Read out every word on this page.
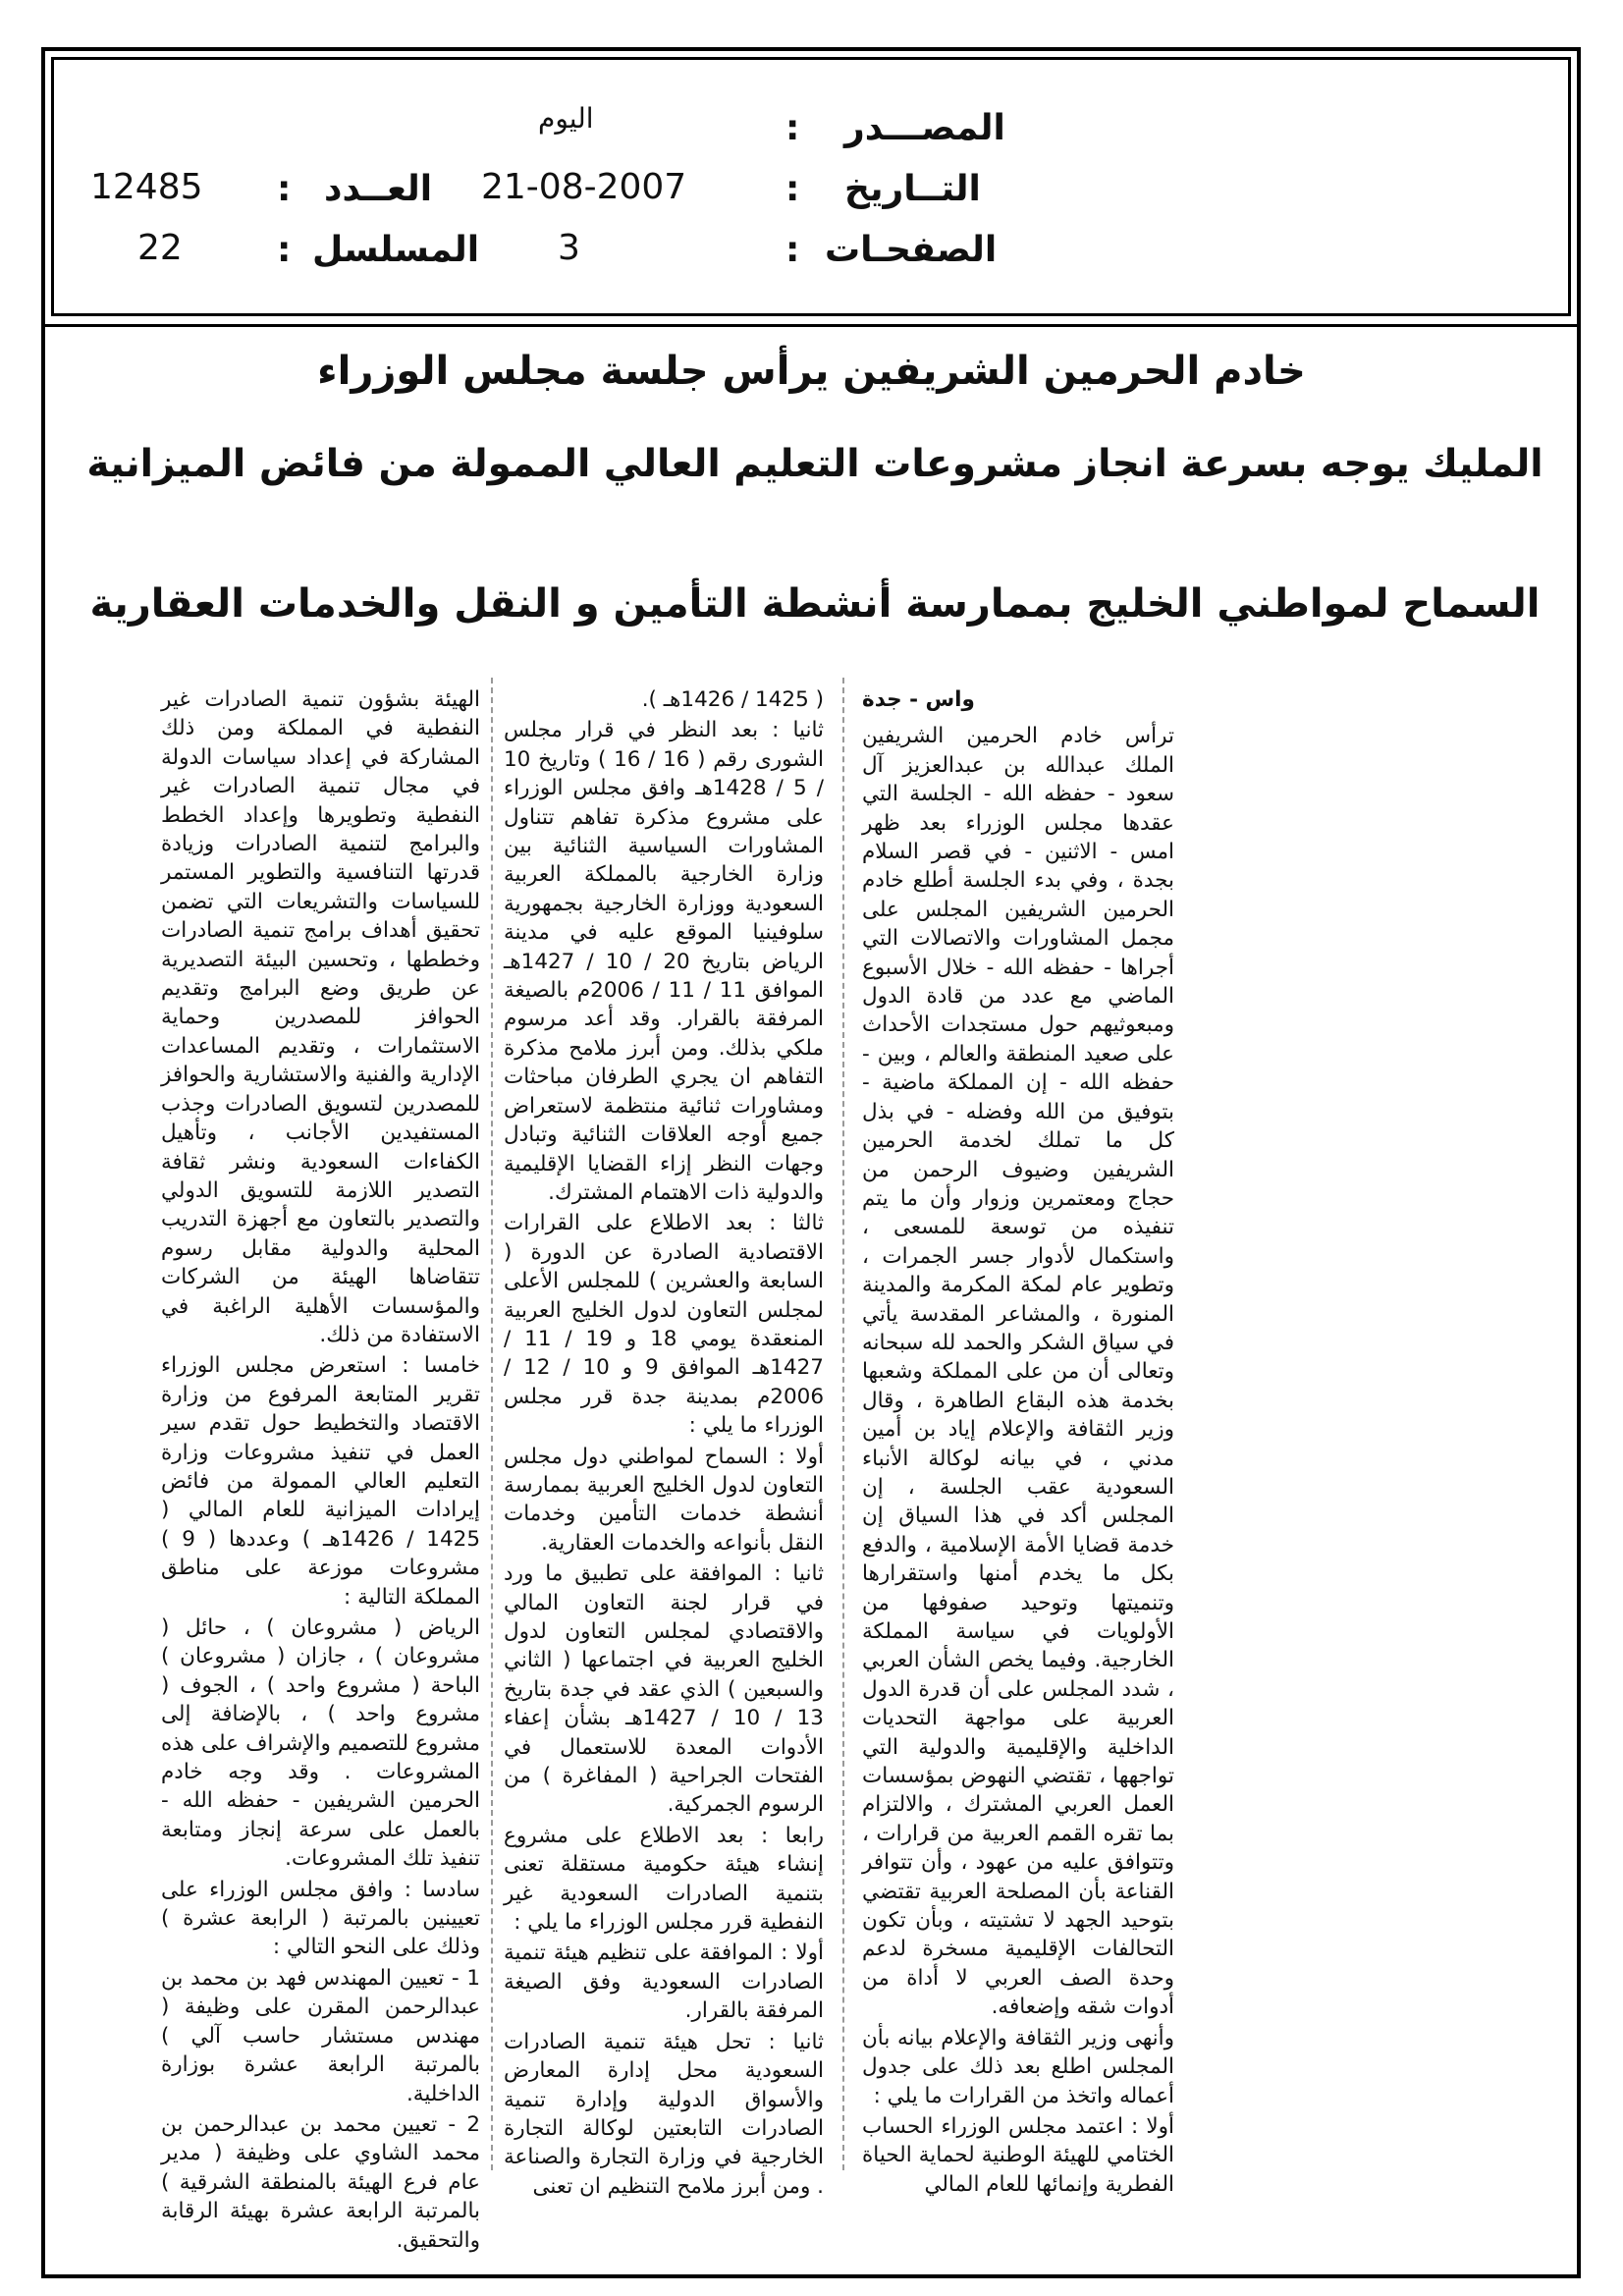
المصـــدر
:
اليوم
التــاريخ
:
21-08-2007
العــدد
:
12485
الصفحـات
:
3
المسلسل
:
22
خادم الحرمين الشريفين يرأس جلسة مجلس الوزراء
المليك يوجه بسرعة انجاز مشروعات التعليم العالي الممولة من فائض الميزانية
السماح لمواطني الخليج بممارسة أنشطة التأمين و النقل والخدمات العقارية

واس - جدة

ترأس خادم الحرمين الشريفين الملك عبدالله بن عبدالعزيز آل سعود - حفظه الله - الجلسة التي عقدها مجلس الوزراء بعد ظهر امس - الاثنين - في قصر السلام بجدة ، وفي بدء الجلسة أطلع خادم الحرمين الشريفين المجلس على مجمل المشاورات والاتصالات التي أجراها - حفظه الله - خلال الأسبوع الماضي مع عدد من قادة الدول ومبعوثيهم حول مستجدات الأحداث على صعيد المنطقة والعالم ، وبين - حفظه الله - إن المملكة ماضية - بتوفيق من الله وفضله - في بذل كل ما تملك لخدمة الحرمين الشريفين وضيوف الرحمن من حجاج ومعتمرين وزوار وأن ما يتم تنفيذه من توسعة للمسعى ، واستكمال لأدوار جسر الجمرات ، وتطوير عام لمكة المكرمة والمدينة المنورة ، والمشاعر المقدسة يأتي في سياق الشكر والحمد لله سبحانه وتعالى أن من على المملكة وشعبها بخدمة هذه البقاع الطاهرة ، وقال وزير الثقافة والإعلام إياد بن أمين مدني ، في بيانه لوكالة الأنباء السعودية عقب الجلسة ، إن المجلس أكد في هذا السياق إن خدمة قضايا الأمة الإسلامية ، والدفع بكل ما يخدم أمنها واستقرارها وتنميتها وتوحيد صفوفها من الأولويات في سياسة المملكة الخارجية. وفيما يخص الشأن العربي ، شدد المجلس على أن قدرة الدول العربية على مواجهة التحديات الداخلية والإقليمية والدولية التي تواجهها ، تقتضي النهوض بمؤسسات العمل العربي المشترك ، والالتزام بما تقره القمم العربية من قرارات ، وتتوافق عليه من عهود ، وأن تتوافر القناعة بأن المصلحة العربية تقتضي بتوحيد الجهد لا تشتيته ، وبأن تكون التحالفات الإقليمية مسخرة لدعم وحدة الصف العربي لا أداة من أدوات شقه وإضعافه.

وأنهى وزير الثقافة والإعلام بيانه بأن المجلس اطلع بعد ذلك على جدول أعماله واتخذ من القرارات ما يلي :

أولا : اعتمد مجلس الوزراء الحساب الختامي للهيئة الوطنية لحماية الحياة الفطرية وإنمائها للعام المالي

( 1425 / 1426هـ ).

ثانيا : بعد النظر في قرار مجلس الشورى رقم ( 16 / 16 ) وتاريخ 10 / 5 / 1428هـ وافق مجلس الوزراء على مشروع مذكرة تفاهم تتناول المشاورات السياسية الثنائية بين وزارة الخارجية بالمملكة العربية السعودية ووزارة الخارجية بجمهورية سلوفينيا الموقع عليه في مدينة الرياض بتاريخ 20 / 10 / 1427هـ الموافق 11 / 11 / 2006م بالصيغة المرفقة بالقرار. وقد أعد مرسوم ملكي بذلك. ومن أبرز ملامح مذكرة التفاهم ان يجري الطرفان مباحثات ومشاورات ثنائية منتظمة لاستعراض جميع أوجه العلاقات الثنائية وتبادل وجهات النظر إزاء القضايا الإقليمية والدولية ذات الاهتمام المشترك.

ثالثا : بعد الاطلاع على القرارات الاقتصادية الصادرة عن الدورة ( السابعة والعشرين ) للمجلس الأعلى لمجلس التعاون لدول الخليج العربية المنعقدة يومي 18 و 19 / 11 / 1427هـ الموافق 9 و 10 / 12 / 2006م بمدينة جدة قرر مجلس الوزراء ما يلي :

أولا : السماح لمواطني دول مجلس التعاون لدول الخليج العربية بممارسة أنشطة خدمات التأمين وخدمات النقل بأنواعه والخدمات العقارية.

ثانيا : الموافقة على تطبيق ما ورد في قرار لجنة التعاون المالي والاقتصادي لمجلس التعاون لدول الخليج العربية في اجتماعها ( الثاني والسبعين ) الذي عقد في جدة بتاريخ 13 / 10 / 1427هـ بشأن إعفاء الأدوات المعدة للاستعمال في الفتحات الجراحية ( المفاغرة ) من الرسوم الجمركية.

رابعا : بعد الاطلاع على مشروع إنشاء هيئة حكومية مستقلة تعنى بتنمية الصادرات السعودية غير النفطية قرر مجلس الوزراء ما يلي :

أولا : الموافقة على تنظيم هيئة تنمية الصادرات السعودية وفق الصيغة المرفقة بالقرار.

ثانيا : تحل هيئة تنمية الصادرات السعودية محل إدارة المعارض والأسواق الدولية وإدارة تنمية الصادرات التابعتين لوكالة التجارة الخارجية في وزارة التجارة والصناعة . ومن أبرز ملامح التنظيم ان تعنى

الهيئة بشؤون تنمية الصادرات غير النفطية في المملكة ومن ذلك المشاركة في إعداد سياسات الدولة في مجال تنمية الصادرات غير النفطية وتطويرها وإعداد الخطط والبرامج لتنمية الصادرات وزيادة قدرتها التنافسية والتطوير المستمر للسياسات والتشريعات التي تضمن تحقيق أهداف برامج تنمية الصادرات وخططها ، وتحسين البيئة التصديرية عن طريق وضع البرامج وتقديم الحوافز للمصدرين وحماية الاستثمارات ، وتقديم المساعدات الإدارية والفنية والاستشارية والحوافز للمصدرين لتسويق الصادرات وجذب المستفيدين الأجانب ، وتأهيل الكفاءات السعودية ونشر ثقافة التصدير اللازمة للتسويق الدولي والتصدير بالتعاون مع أجهزة التدريب المحلية والدولية مقابل رسوم تتقاضاها الهيئة من الشركات والمؤسسات الأهلية الراغبة في الاستفادة من ذلك.

خامسا : استعرض مجلس الوزراء تقرير المتابعة المرفوع من وزارة الاقتصاد والتخطيط حول تقدم سير العمل في تنفيذ مشروعات وزارة التعليم العالي الممولة من فائض إيرادات الميزانية للعام المالي ( 1425 / 1426هـ ) وعددها ( 9 ) مشروعات موزعة على مناطق المملكة التالية :

الرياض ( مشروعان ) ، حائل ( مشروعان ) ، جازان ( مشروعان ) الباحة ( مشروع واحد ) ، الجوف ( مشروع واحد ) ، بالإضافة إلى مشروع للتصميم والإشراف على هذه المشروعات . وقد وجه خادم الحرمين الشريفين - حفظه الله - بالعمل على سرعة إنجاز ومتابعة تنفيذ تلك المشروعات.

سادسا : وافق مجلس الوزراء على تعيينين بالمرتبة ( الرابعة عشرة ) وذلك على النحو التالي :

1 - تعيين المهندس فهد بن محمد بن عبدالرحمن المقرن على وظيفة ( مهندس مستشار حاسب آلي ) بالمرتبة الرابعة عشرة بوزارة الداخلية.

2 - تعيين محمد بن عبدالرحمن بن محمد الشاوي على وظيفة ( مدير عام فرع الهيئة بالمنطقة الشرقية ) بالمرتبة الرابعة عشرة بهيئة الرقابة والتحقيق.
